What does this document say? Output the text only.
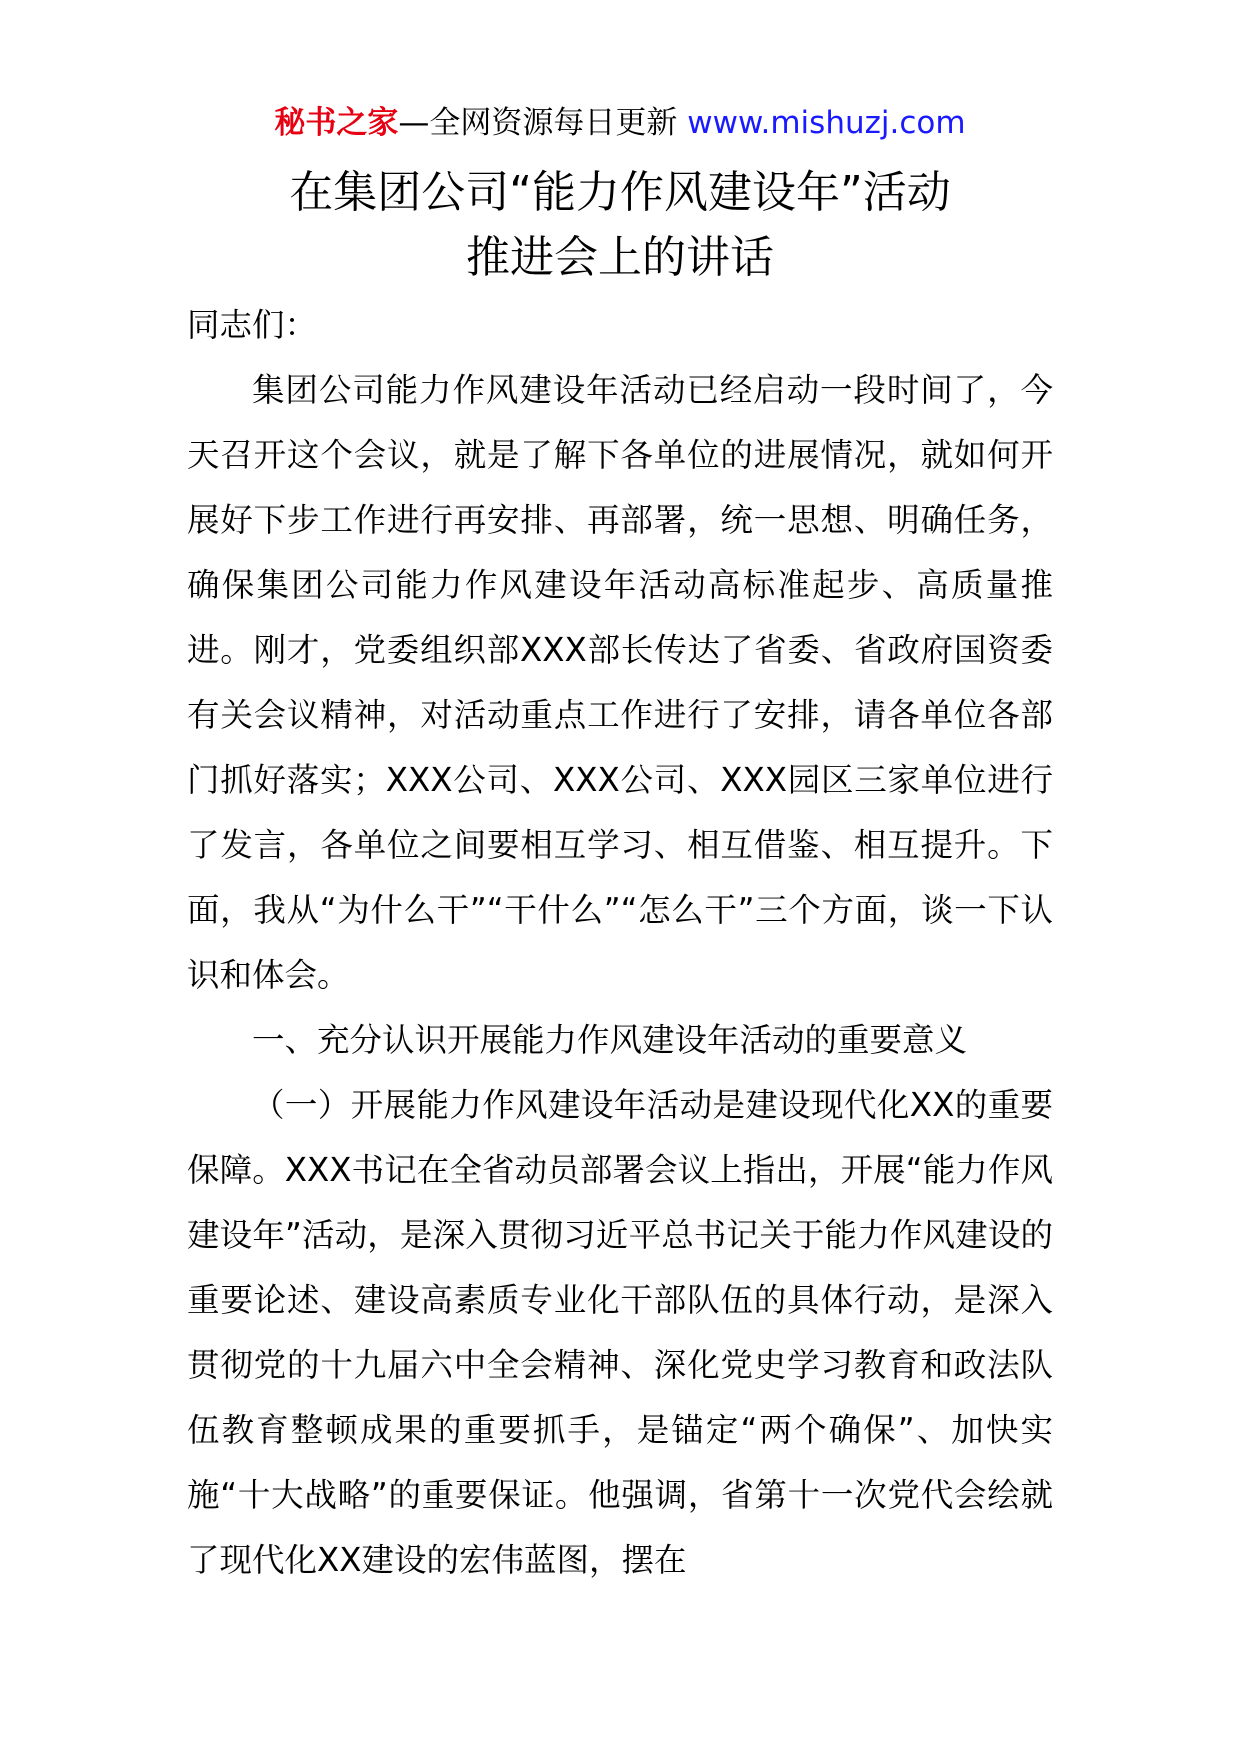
秘书之家—全网资源每日更新 www.mishuzj.com
在集团公司“能力作风建设年”活动
推进会上的讲话

同志们：

集团公司能力作风建设年活动已经启动一段时间了，今天召开这个会议，就是了解下各单位的进展情况，就如何开展好下步工作进行再安排、再部署，统一思想、明确任务，确保集团公司能力作风建设年活动高标准起步、高质量推进。刚才，党委组织部XXX部长传达了省委、省政府国资委有关会议精神，对活动重点工作进行了安排，请各单位各部门抓好落实；XXX公司、XXX公司、XXX园区三家单位进行了发言，各单位之间要相互学习、相互借鉴、相互提升。下面，我从“为什么干”“干什么”“怎么干”三个方面，谈一下认识和体会。

一、充分认识开展能力作风建设年活动的重要意义

（一）开展能力作风建设年活动是建设现代化XX的重要保障。XXX书记在全省动员部署会议上指出，开展“能力作风建设年”活动，是深入贯彻习近平总书记关于能力作风建设的重要论述、建设高素质专业化干部队伍的具体行动，是深入贯彻党的十九届六中全会精神、深化党史学习教育和政法队伍教育整顿成果的重要抓手，是锚定“两个确保”、加快实施“十大战略”的重要保证。他强调，省第十一次党代会绘就了现代化XX建设的宏伟蓝图，摆在
